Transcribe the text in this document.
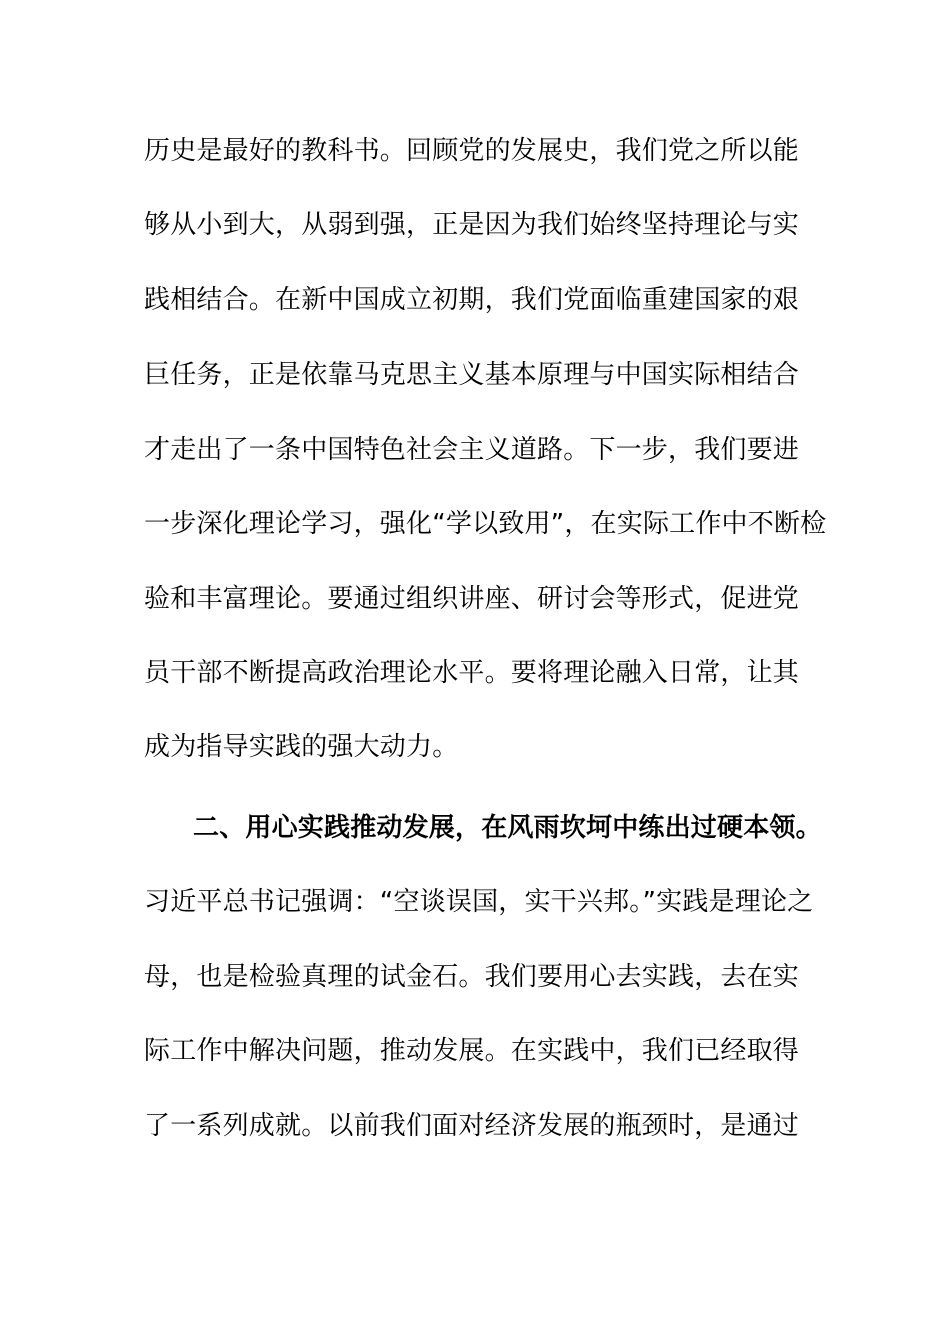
历史是最好的教科书。回顾党的发展史，我们党之所以能
够从小到大，从弱到强，正是因为我们始终坚持理论与实
践相结合。在新中国成立初期，我们党面临重建国家的艰
巨任务，正是依靠马克思主义基本原理与中国实际相结合
才走出了一条中国特色社会主义道路。下一步，我们要进
一步深化理论学习，强化“学以致用”，在实际工作中不断检
验和丰富理论。要通过组织讲座、研讨会等形式，促进党
员干部不断提高政治理论水平。要将理论融入日常，让其
成为指导实践的强大动力。
二、用心实践推动发展，在风雨坎坷中练出过硬本领。
习近平总书记强调：“空谈误国，实干兴邦。”实践是理论之
母，也是检验真理的试金石。我们要用心去实践，去在实
际工作中解决问题，推动发展。在实践中，我们已经取得
了一系列成就。以前我们面对经济发展的瓶颈时，是通过
